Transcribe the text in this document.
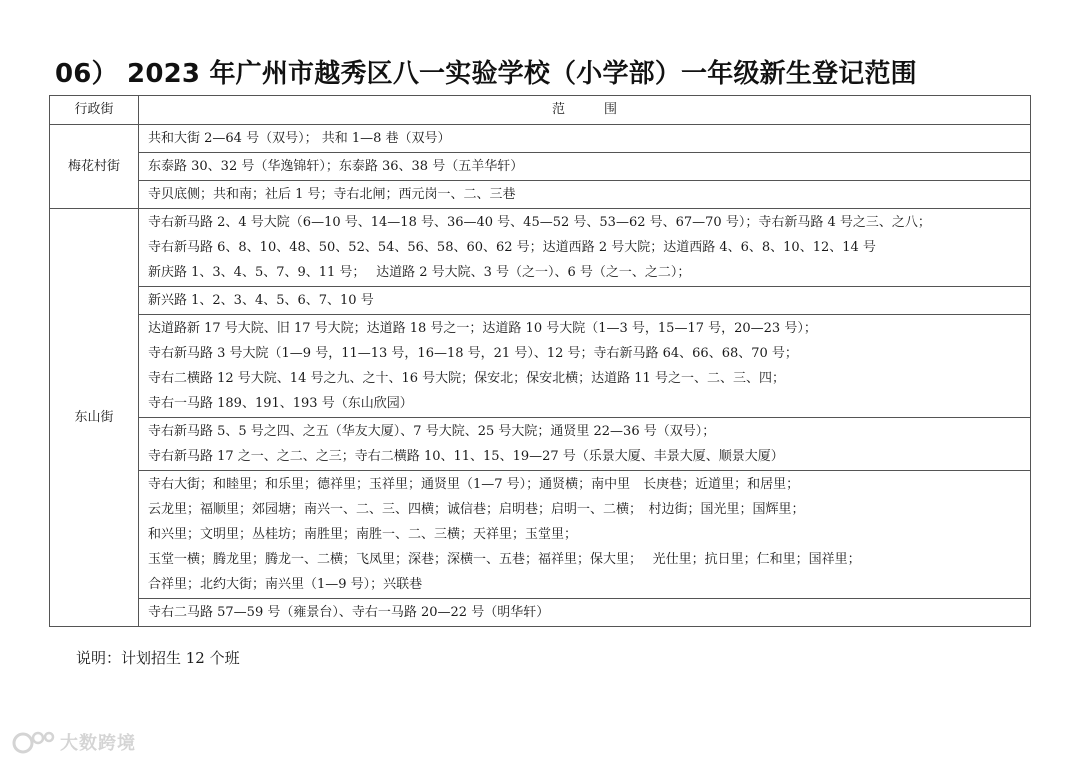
06） 2023 年广州市越秀区八一实验学校（小学部）一年级新生登记范围
行政街	范　　　围
梅花村街	共和大街 2—64 号（双号）； 共和 1—8 巷（双号）

	东泰路 30、32 号（华逸锦轩）；东泰路 36、38 号（五羊华轩）

	寺贝底侧；共和南；社后 1 号；寺右北闸；西元岗一、二、三巷

东山街	寺右新马路 2、4 号大院（6—10 号、14—18 号、36—40 号、45—52 号、53—62 号、67—70 号）；寺右新马路 4 号之三、之八；
寺右新马路 6、8、10、48、50、52、54、56、58、60、62 号；达道西路 2 号大院；达道西路 4、6、8、10、12、14 号
新庆路 1、3、4、5、7、9、11 号；　 达道路 2 号大院、3 号（之一）、6 号（之一、之二）；

	新兴路 1、2、3、4、5、6、7、10 号

	达道路新 17 号大院、旧 17 号大院；达道路 18 号之一；达道路 10 号大院（1—3 号，15—17 号，20—23 号）；
寺右新马路 3 号大院（1—9 号，11—13 号，16—18 号，21 号）、12 号；寺右新马路 64、66、68、70 号；
寺右二横路 12 号大院、14 号之九、之十、16 号大院；保安北；保安北横；达道路 11 号之一、二、三、四；
寺右一马路 189、191、193 号（东山欣园）

	寺右新马路 5、5 号之四、之五（华友大厦）、7 号大院、25 号大院；通贤里 22—36 号（双号）；
寺右新马路 17 之一、之二、之三；寺右二横路 10、11、15、19—27 号（乐景大厦、丰景大厦、顺景大厦）

	寺右大街；和睦里；和乐里；德祥里；玉祥里；通贤里（1—7 号）；通贤横；南中里　长庚巷；近道里；和居里；
云龙里；福顺里；郊园塘；南兴一、二、三、四横；诚信巷；启明巷；启明一、二横；　村边街；国光里；国辉里；
和兴里；文明里；丛桂坊；南胜里；南胜一、二、三横；天祥里；玉堂里；
玉堂一横；腾龙里；腾龙一、二横；飞凤里；深巷；深横一、五巷；福祥里；保大里；　 光仕里；抗日里；仁和里；国祥里；
合祥里；北约大街；南兴里（1—9 号）；兴联巷

	寺右二马路 57—59 号（雍景台）、寺右一马路 20—22 号（明华轩）
说明：计划招生 12 个班
大数跨境
